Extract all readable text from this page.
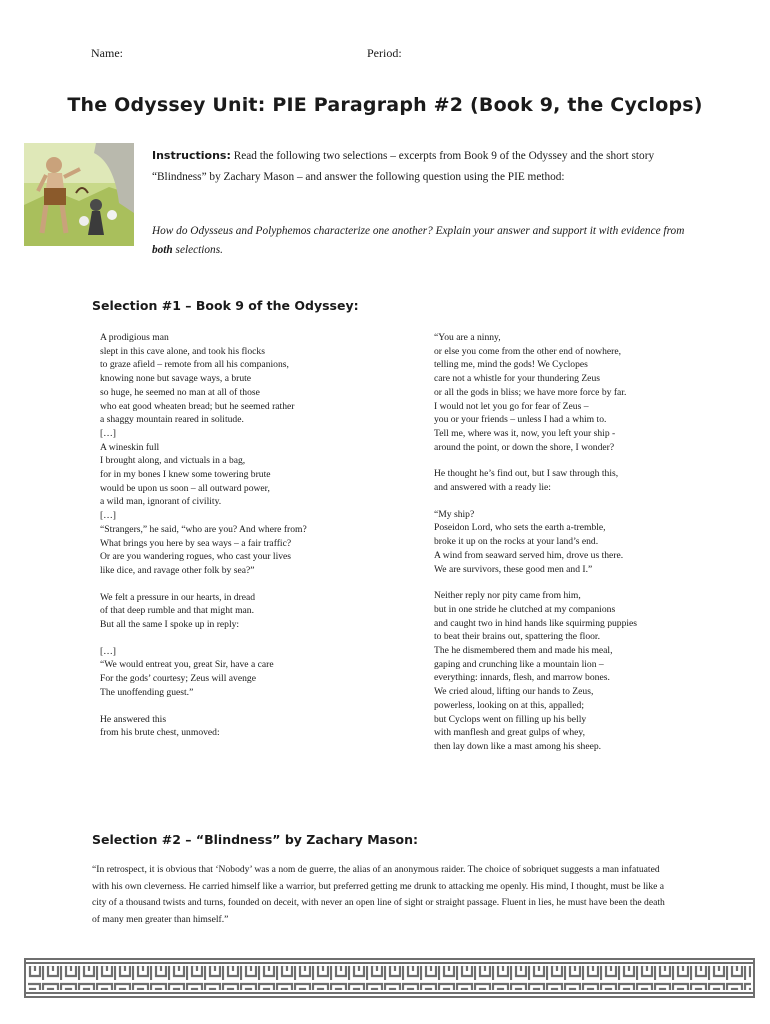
Name:	Period:
The Odyssey Unit: PIE Paragraph #2 (Book 9, the Cyclops)
Instructions: Read the following two selections – excerpts from Book 9 of the Odyssey and the short story “Blindness” by Zachary Mason – and answer the following question using the PIE method:
How do Odysseus and Polyphemos characterize one another? Explain your answer and support it with evidence from both selections.
Selection #1 – Book 9 of the Odyssey:
A prodigious man
slept in this cave alone, and took his flocks
to graze afield – remote from all his companions,
knowing none but savage ways, a brute
so huge, he seemed no man at all of those
who eat good wheaten bread; but he seemed rather
a shaggy mountain reared in solitude.
[…]
A wineskin full
I brought along, and victuals in a bag,
for in my bones I knew some towering brute
would be upon us soon – all outward power,
a wild man, ignorant of civility.
[…]
“Strangers,” he said, “who are you? And where from?
What brings you here by sea ways – a fair traffic?
Or are you wandering rogues, who cast your lives
like dice, and ravage other folk by sea?”
We felt a pressure in our hearts, in dread
of that deep rumble and that might man.
But all the same I spoke up in reply:
[…]
“We would entreat you, great Sir, have a care
For the gods’ courtesy; Zeus will avenge
The unoffending guest.”
He answered this
from his brute chest, unmoved:
“You are a ninny,
or else you come from the other end of nowhere,
telling me, mind the gods! We Cyclopes
care not a whistle for your thundering Zeus
or all the gods in bliss; we have more force by far.
I would not let you go for fear of Zeus –
you or your friends – unless I had a whim to.
Tell me, where was it, now, you left your ship -
around the point, or down the shore, I wonder?
He thought he’s find out, but I saw through this,
and answered with a ready lie:
“My ship?
Poseidon Lord, who sets the earth a-tremble,
broke it up on the rocks at your land’s end.
A wind from seaward served him, drove us there.
We are survivors, these good men and I.”
Neither reply nor pity came from him,
but in one stride he clutched at my companions
and caught two in hind hands like squirming puppies
to beat their brains out, spattering the floor.
The he dismembered them and made his meal,
gaping and crunching like a mountain lion –
everything: innards, flesh, and marrow bones.
We cried aloud, lifting our hands to Zeus,
powerless, looking on at this, appalled;
but Cyclops went on filling up his belly
with manflesh and great gulps of whey,
then lay down like a mast among his sheep.
Selection #2 – “Blindness” by Zachary Mason:
“In retrospect, it is obvious that ‘Nobody’ was a nom de guerre, the alias of an anonymous raider. The choice of sobriquet suggests a man infatuated with his own cleverness. He carried himself like a warrior, but preferred getting me drunk to attacking me openly. His mind, I thought, must be like a city of a thousand twists and turns, founded on deceit, with never an open line of sight or straight passage. Fluent in lies, he must have been the death of many men greater than himself.”
